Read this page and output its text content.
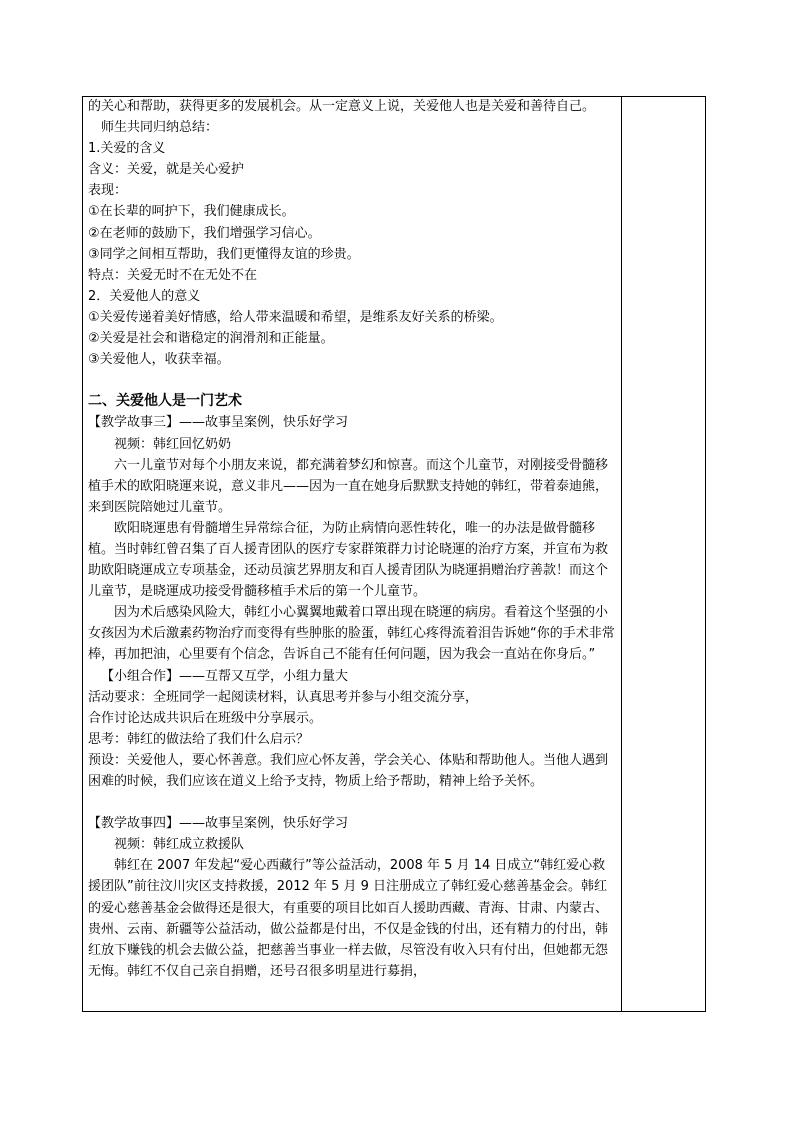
的关心和帮助，获得更多的发展机会。从一定意义上说，关爱他人也是关爱和善待自己。

师生共同归纳总结：

1.关爱的含义

含义：关爱，就是关心爱护

表现：

①在长辈的呵护下，我们健康成长。

②在老师的鼓励下，我们增强学习信心。

③同学之间相互帮助，我们更懂得友谊的珍贵。

特点：关爱无时不在无处不在

2．关爱他人的意义

①关爱传递着美好情感，给人带来温暖和希望，是维系友好关系的桥梁。

②关爱是社会和谐稳定的润滑剂和正能量。

③关爱他人，收获幸福。

二、关爱他人是一门艺术

【教学故事三】——故事呈案例，快乐好学习

视频：韩红回忆奶奶

六一儿童节对每个小朋友来说，都充满着梦幻和惊喜。而这个儿童节，对刚接受骨髓移植手术的欧阳晓運来说，意义非凡——因为一直在她身后默默支持她的韩红，带着泰迪熊，来到医院陪她过儿童节。

欧阳晓運患有骨髓增生异常综合征，为防止病情向恶性转化，唯一的办法是做骨髓移植。当时韩红曾召集了百人援青团队的医疗专家群策群力讨论晓運的治疗方案，并宣布为救助欧阳晓運成立专项基金，还动员演艺界朋友和百人援青团队为晓運捐赠治疗善款！而这个儿童节，是晓運成功接受骨髓移植手术后的第一个儿童节。

因为术后感染风险大，韩红小心翼翼地戴着口罩出现在晓運的病房。看着这个坚强的小女孩因为术后激素药物治疗而变得有些肿胀的脸蛋，韩红心疼得流着泪告诉她“你的手术非常棒，再加把油，心里要有个信念，告诉自己不能有任何问题，因为我会一直站在你身后。”

【小组合作】——互帮又互学，小组力量大

活动要求：全班同学一起阅读材料，认真思考并参与小组交流分享，

合作讨论达成共识后在班级中分享展示。

思考：韩红的做法给了我们什么启示？

预设：关爱他人，要心怀善意。我们应心怀友善，学会关心、体贴和帮助他人。当他人遇到困难的时候，我们应该在道义上给予支持，物质上给予帮助，精神上给予关怀。

【教学故事四】——故事呈案例，快乐好学习

视频：韩红成立救援队

韩红在 2007 年发起“爱心西藏行”等公益活动，2008 年 5 月 14 日成立“韩红爱心救援团队”前往汶川灾区支持救援，2012 年 5 月 9 日注册成立了韩红爱心慈善基金会。韩红的爱心慈善基金会做得还是很大，有重要的项目比如百人援助西藏、青海、甘肃、内蒙古、贵州、云南、新疆等公益活动，做公益都是付出，不仅是金钱的付出，还有精力的付出，韩红放下赚钱的机会去做公益，把慈善当事业一样去做，尽管没有收入只有付出，但她都无怨无悔。韩红不仅自己亲自捐赠，还号召很多明星进行募捐，
